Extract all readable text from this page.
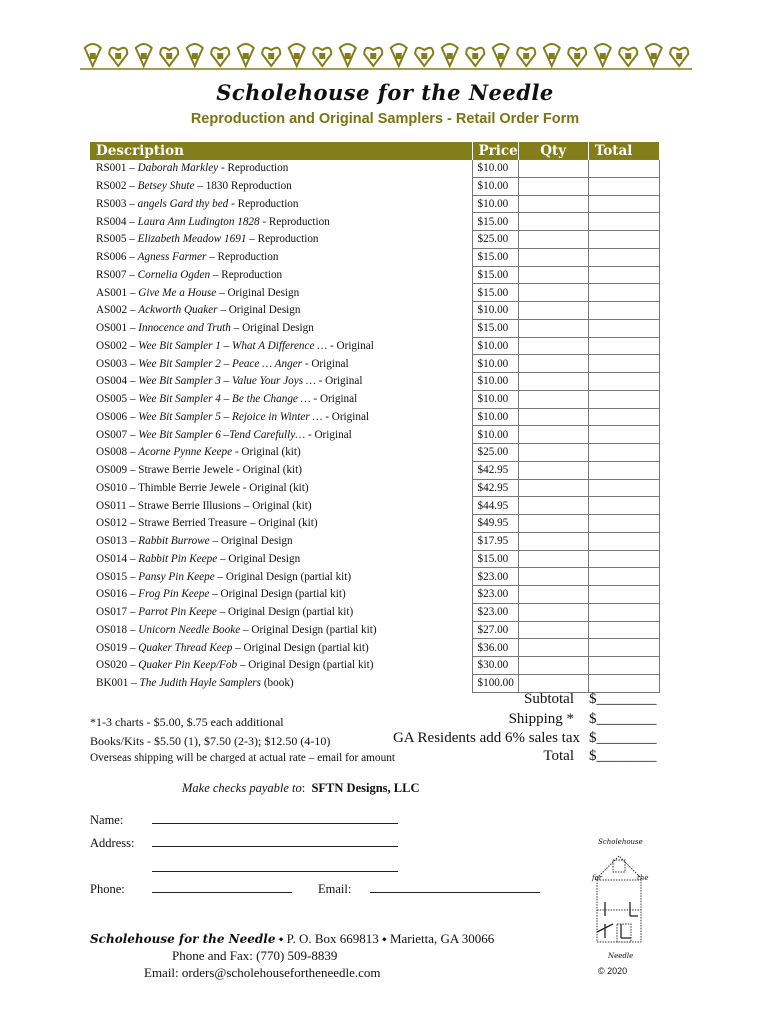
Scholehouse for the Needle
Reproduction and Original Samplers - Retail Order Form
Description	Price	Qty	Total
RS001 – Daborah Markley - Reproduction	$10.00		
RS002 – Betsey Shute – 1830 Reproduction	$10.00		
RS003 – angels Gard thy bed - Reproduction	$10.00		
RS004 – Laura Ann Ludington 1828 - Reproduction	$15.00		
RS005 – Elizabeth Meadow 1691 – Reproduction	$25.00		
RS006 – Agness Farmer – Reproduction	$15.00		
RS007 – Cornelia Ogden – Reproduction	$15.00		
AS001 – Give Me a House – Original Design	$15.00		
AS002 – Ackworth Quaker – Original Design	$10.00		
OS001 – Innocence and Truth – Original Design	$15.00		
OS002 – Wee Bit Sampler 1 – What A Difference … - Original	$10.00		
OS003 – Wee Bit Sampler 2 – Peace … Anger - Original	$10.00		
OS004 – Wee Bit Sampler 3 – Value Your Joys … - Original	$10.00		
OS005 – Wee Bit Sampler 4 – Be the Change … - Original	$10.00		
OS006 – Wee Bit Sampler 5 – Rejoice in Winter … - Original	$10.00		
OS007 – Wee Bit Sampler 6 –Tend Carefully… - Original	$10.00		
OS008 – Acorne Pynne Keepe - Original (kit)	$25.00		
OS009 – Strawe Berrie Jewele - Original (kit)	$42.95		
OS010 – Thimble Berrie Jewele - Original (kit)	$42.95		
OS011 – Strawe Berrie Illusions – Original (kit)	$44.95		
OS012 – Strawe Berried Treasure – Original (kit)	$49.95		
OS013 – Rabbit Burrowe – Original Design	$17.95		
OS014 – Rabbit Pin Keepe – Original Design	$15.00		
OS015 – Pansy Pin Keepe – Original Design (partial kit)	$23.00		
OS016 – Frog Pin Keepe – Original Design (partial kit)	$23.00		
OS017 – Parrot Pin Keepe – Original Design (partial kit)	$23.00		
OS018 – Unicorn Needle Booke – Original Design (partial kit)	$27.00		
OS019 – Quaker Thread Keep – Original Design (partial kit)	$36.00		
OS020 – Quaker Pin Keep/Fob – Original Design (partial kit)	$30.00		
BK001 – The Judith Hayle Samplers (book)	$100.00		
Subtotal $________
Shipping * $________
GA Residents add 6% sales tax $________
Total $________
*1-3 charts - $5.00, $.75 each additional
Books/Kits - $5.50 (1), $7.50 (2-3); $12.50 (4-10)
Overseas shipping will be charged at actual rate – email for amount
Make checks payable to: SFTN Designs, LLC
Name:
Address:
Phone:	Email:
Scholehouse
for	the
Needle
© 2020
Scholehouse for the Needle ⬩ P. O. Box 669813 ⬩ Marietta, GA 30066
Phone and Fax: (770) 509-8839
Email: orders@scholehousefortheneedle.com
